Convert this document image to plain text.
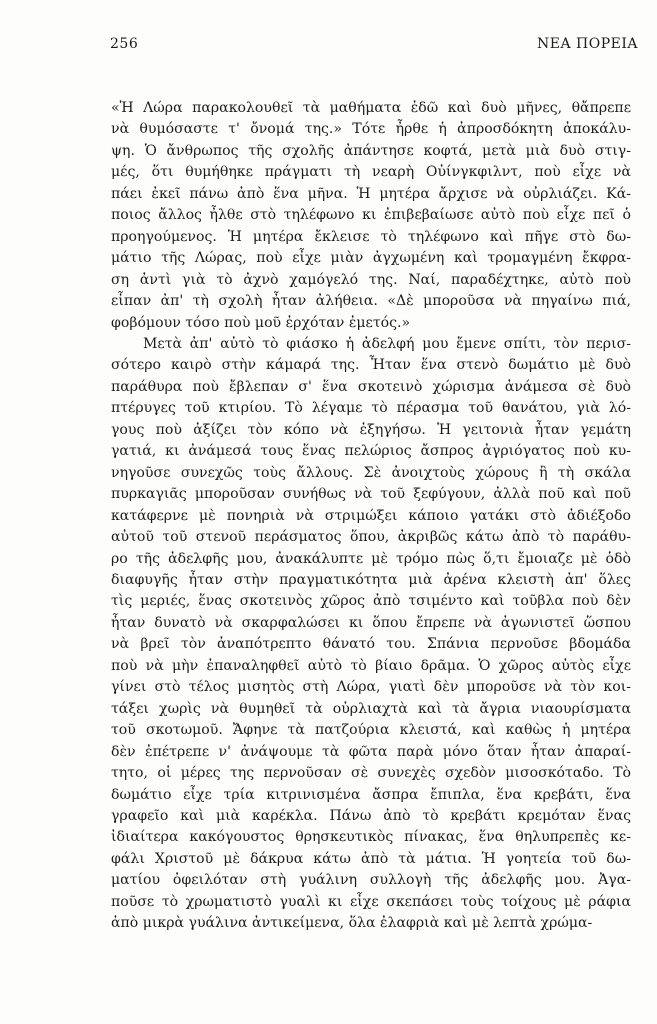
256	ΝΕΑ ΠΟΡΕΙΑ
«Ἡ Λώρα παρακολουθεῖ τὰ μαθήματα ἐδῶ καὶ δυὸ μῆνες, θἄπρεπε
νὰ θυμόσαστε τ' ὄνομά της.» Τότε ἦρθε ἡ ἀπροσδόκητη ἀποκάλυ-
ψη. Ὁ ἄνθρωπος τῆς σχολῆς ἀπάντησε κοφτά, μετὰ μιὰ δυὸ στιγ-
μές, ὅτι θυμήθηκε πράγματι τὴ νεαρὴ Οὐίνγκφιλντ, ποὺ εἶχε νὰ
πάει ἐκεῖ πάνω ἀπὸ ἕνα μῆνα. Ἡ μητέρα ἄρχισε νὰ οὐρλιάζει. Κά-
ποιος ἄλλος ἦλθε στὸ τηλέφωνο κι ἐπιβεβαίωσε αὐτὸ ποὺ εἶχε πεῖ ὁ
προηγούμενος. Ἡ μητέρα ἔκλεισε τὸ τηλέφωνο καὶ πῆγε στὸ δω-
μάτιο τῆς Λώρας, ποὺ εἶχε μιὰν ἀγχωμένη καὶ τρομαγμένη ἔκφρα-
ση ἀντὶ γιὰ τὸ ἀχνὸ χαμόγελό της. Ναί, παραδέχτηκε, αὐτὸ ποὺ
εἶπαν ἀπ' τὴ σχολὴ ἦταν ἀλήθεια. «Δὲ μποροῦσα νὰ πηγαίνω πιά,
φοβόμουν τόσο ποὺ μοῦ ἐρχόταν ἐμετός.»
Μετὰ ἀπ' αὐτὸ τὸ φιάσκο ἡ ἀδελφή μου ἔμενε σπίτι, τὸν περισ-
σότερο καιρὸ στὴν κάμαρά της. Ἦταν ἕνα στενὸ δωμάτιο μὲ δυὸ
παράθυρα ποὺ ἔβλεπαν σ' ἕνα σκοτεινὸ χώρισμα ἀνάμεσα σὲ δυὸ
πτέρυγες τοῦ κτιρίου. Τὸ λέγαμε τὸ πέρασμα τοῦ θανάτου, γιὰ λό-
γους ποὺ ἀξίζει τὸν κόπο νὰ ἐξηγήσω. Ἡ γειτονιὰ ἦταν γεμάτη
γατιά, κι ἀνάμεσά τους ἕνας πελώριος ἄσπρος ἀγριόγατος ποὺ κυ-
νηγοῦσε συνεχῶς τοὺς ἄλλους. Σὲ ἀνοιχτοὺς χώρους ἢ τὴ σκάλα
πυρκαγιᾶς μποροῦσαν συνήθως νὰ τοῦ ξεφύγουν, ἀλλὰ ποῦ καὶ ποῦ
κατάφερνε μὲ πονηριὰ νὰ στριμώξει κάποιο γατάκι στὸ ἀδιέξοδο
αὐτοῦ τοῦ στενοῦ περάσματος ὅπου, ἀκριβῶς κάτω ἀπὸ τὸ παράθυ-
ρο τῆς ἀδελφῆς μου, ἀνακάλυπτε μὲ τρόμο πὼς ὅ,τι ἔμοιαζε μὲ ὁδὸ
διαφυγῆς ἦταν στὴν πραγματικότητα μιὰ ἀρένα κλειστὴ ἀπ' ὅλες
τὶς μεριές, ἕνας σκοτεινὸς χῶρος ἀπὸ τσιμέντο καὶ τοῦβλα ποὺ δὲν
ἦταν δυνατὸ νὰ σκαρφαλώσει κι ὅπου ἔπρεπε νὰ ἀγωνιστεῖ ὥσπου
νὰ βρεῖ τὸν ἀναπότρεπτο θάνατό του. Σπάνια περνοῦσε βδομάδα
ποὺ νὰ μὴν ἐπαναληφθεῖ αὐτὸ τὸ βίαιο δρᾶμα. Ὁ χῶρος αὐτὸς εἶχε
γίνει στὸ τέλος μισητὸς στὴ Λώρα, γιατὶ δὲν μποροῦσε νὰ τὸν κοι-
τάξει χωρὶς νὰ θυμηθεῖ τὰ οὐρλιαχτὰ καὶ τὰ ἄγρια νιαουρίσματα
τοῦ σκοτωμοῦ. Ἄφηνε τὰ πατζούρια κλειστά, καὶ καθὼς ἡ μητέρα
δὲν ἐπέτρεπε ν' ἀνάψουμε τὰ φῶτα παρὰ μόνο ὅταν ἦταν ἀπαραί-
τητο, οἱ μέρες της περνοῦσαν σὲ συνεχὲς σχεδὸν μισοσκόταδο. Τὸ
δωμάτιο εἶχε τρία κιτρινισμένα ἄσπρα ἔπιπλα, ἕνα κρεβάτι, ἕνα
γραφεῖο καὶ μιὰ καρέκλα. Πάνω ἀπὸ τὸ κρεβάτι κρεμόταν ἕνας
ἰδιαίτερα κακόγουστος θρησκευτικὸς πίνακας, ἕνα θηλυπρεπὲς κε-
φάλι Χριστοῦ μὲ δάκρυα κάτω ἀπὸ τὰ μάτια. Ἡ γοητεία τοῦ δω-
ματίου ὀφειλόταν στὴ γυάλινη συλλογὴ τῆς ἀδελφῆς μου. Ἀγα-
ποῦσε τὸ χρωματιστὸ γυαλὶ κι εἶχε σκεπάσει τοὺς τοίχους μὲ ράφια
ἀπὸ μικρὰ γυάλινα ἀντικείμενα, ὅλα ἐλαφριὰ καὶ μὲ λεπτὰ χρώμα-
